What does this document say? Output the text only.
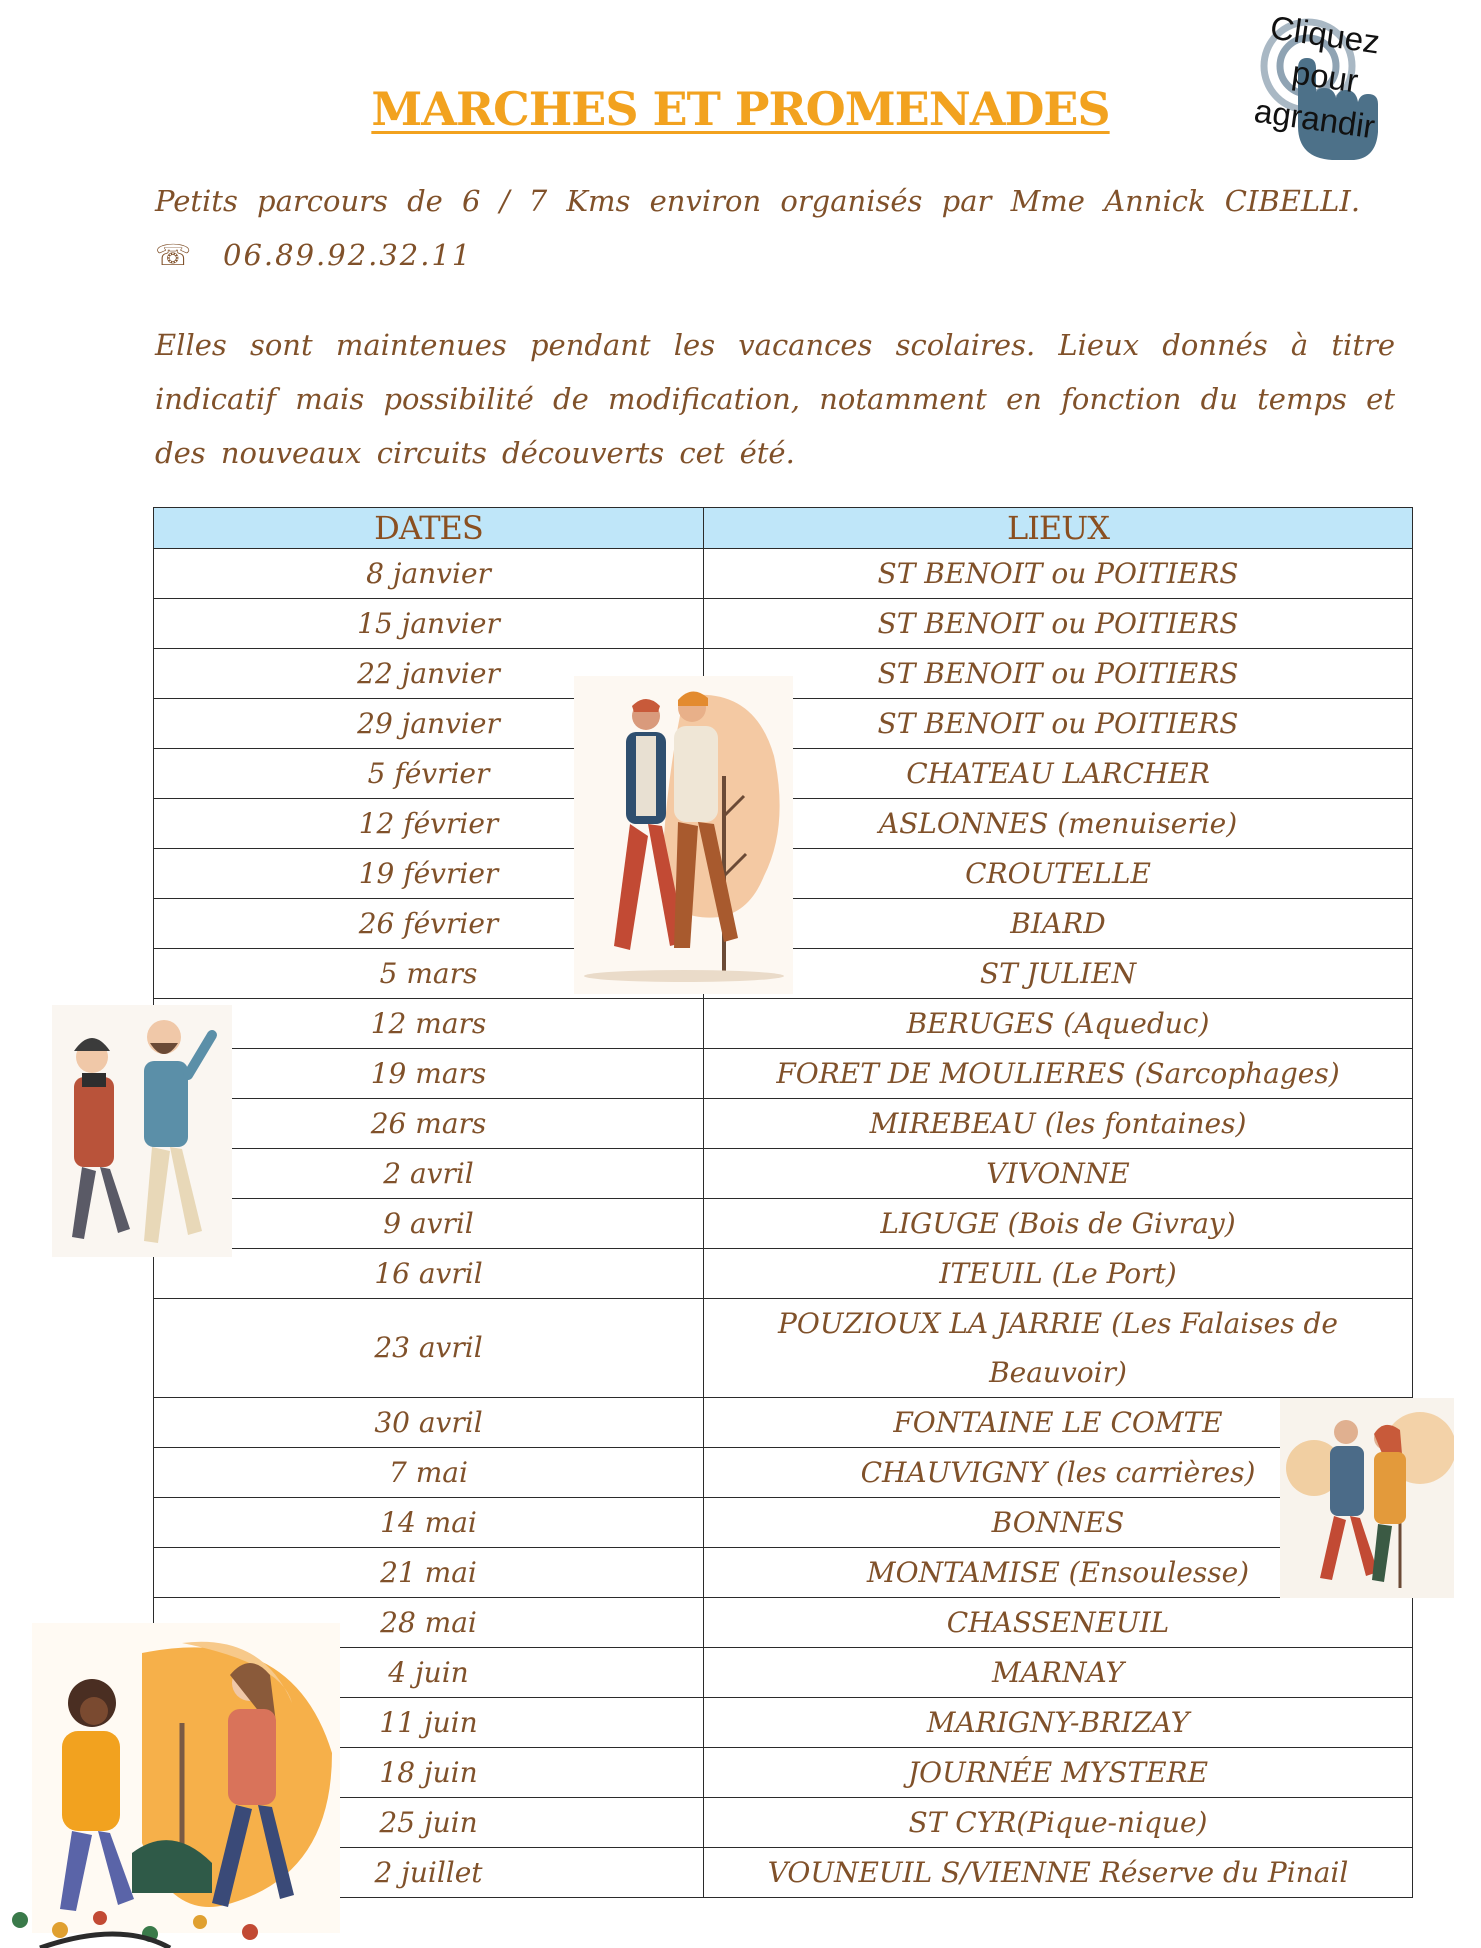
Cliquez
pour
agrandir
MARCHES ET PROMENADES

Petits parcours de 6 / 7 Kms environ organisés par Mme Annick CIBELLI.

☏ 06.89.92.32.11

Elles sont maintenues pendant les vacances scolaires. Lieux donnés à titre indicatif mais possibilité de modification, notamment en fonction du temps et des nouveaux circuits découverts cet été.

DATES	LIEUX
8 janvier	ST BENOIT ou POITIERS
15 janvier	ST BENOIT ou POITIERS
22 janvier	ST BENOIT ou POITIERS
29 janvier	ST BENOIT ou POITIERS
5 février	CHATEAU LARCHER
12 février	ASLONNES (menuiserie)
19 février	CROUTELLE
26 février	BIARD
5 mars	ST JULIEN
12 mars	BERUGES (Aqueduc)
19 mars	FORET DE MOULIERES (Sarcophages)
26 mars	MIREBEAU (les fontaines)
2 avril	VIVONNE
9 avril	LIGUGE (Bois de Givray)
16 avril	ITEUIL (Le Port)
23 avril	POUZIOUX LA JARRIE (Les Falaises de Beauvoir)
30 avril	FONTAINE LE COMTE
7 mai	CHAUVIGNY (les carrières)
14 mai	BONNES
21 mai	MONTAMISE (Ensoulesse)
28 mai	CHASSENEUIL
4 juin	MARNAY
11 juin	MARIGNY-BRIZAY
18 juin	JOURNÉE MYSTERE
25 juin	ST CYR(Pique-nique)
2 juillet	VOUNEUIL S/VIENNE Réserve du Pinail
